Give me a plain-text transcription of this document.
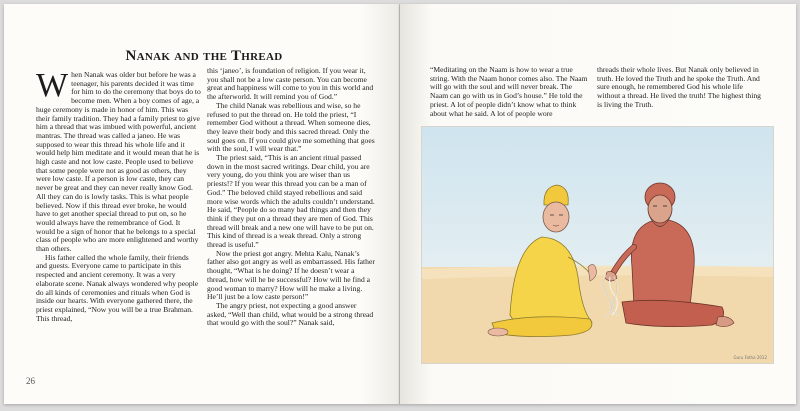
Nanak and the Thread

When Nanak was older but before he was a teenager, his parents decided it was time for him to do the ceremony that boys do to become men. When a boy comes of age, a huge ceremony is made in honor of him. This was their family tradition. They had a family priest to give him a thread that was imbued with powerful, ancient mantras. The thread was called a janeo. He was supposed to wear this thread his whole life and it would help him meditate and it would mean that he is high caste and not low caste. People used to believe that some people were not as good as others, they were low caste. If a person is low caste, they can never be great and they can never really know God. All they can do is lowly tasks. This is what people believed. Now if this thread ever broke, he would have to get another special thread to put on, so he would always have the remembrance of God. It would be a sign of honor that he belongs to a special class of people who are more enlightened and worthy than others.

His father called the whole family, their friends and guests. Everyone came to participate in this respected and ancient ceremony. It was a very elaborate scene. Nanak always wondered why people do all kinds of ceremonies and rituals when God is inside our hearts. With everyone gathered there, the priest explained, “Now you will be a true Brahman. This thread,

this ‘janeo’, is foundation of religion. If you wear it, you shall not be a low caste person. You can become great and happiness will come to you in this world and the afterworld. It will remind you of God.”

The child Nanak was rebellious and wise, so he refused to put the thread on. He told the priest, “I remember God without a thread. When someone dies, they leave their body and this sacred thread. Only the soul goes on. If you could give me something that goes with the soul, I will wear that.”

The priest said, “This is an ancient ritual passed down in the most sacred writings. Dear child, you are very young, do you think you are wiser than us priests!? If you wear this thread you can be a man of God.” The beloved child stayed rebellious and said more wise words which the adults couldn’t understand. He said, “People do so many bad things and then they think if they put on a thread they are men of God. This thread will break and a new one will have to be put on. This kind of thread is a weak thread. Only a strong thread is useful.”

Now the priest got angry. Mehta Kalu, Nanak’s father also got angry as well as embarrassed. His father thought, “What is he doing? If he doesn’t wear a thread, how will he be successful? How will he find a good woman to marry? How will he make a living. He’ll just be a low caste person!”

The angry priest, not expecting a good answer asked, “Well than child, what would be a strong thread that would go with the soul?” Nanak said,

26

“Meditating on the Naam is how to wear a true string. With the Naam honor comes also. The Naam will go with the soul and will never break. The Naam can go with us in God’s house.” He told the priest. A lot of people didn’t know what to think about what he said. A lot of people wore

threads their whole lives. But Nanak only believed in truth. He loved the Truth and he spoke the Truth. And sure enough, he remembered God his whole life without a thread. He lived the truth! The highest thing is living the Truth.

Guru Fatha 2012
